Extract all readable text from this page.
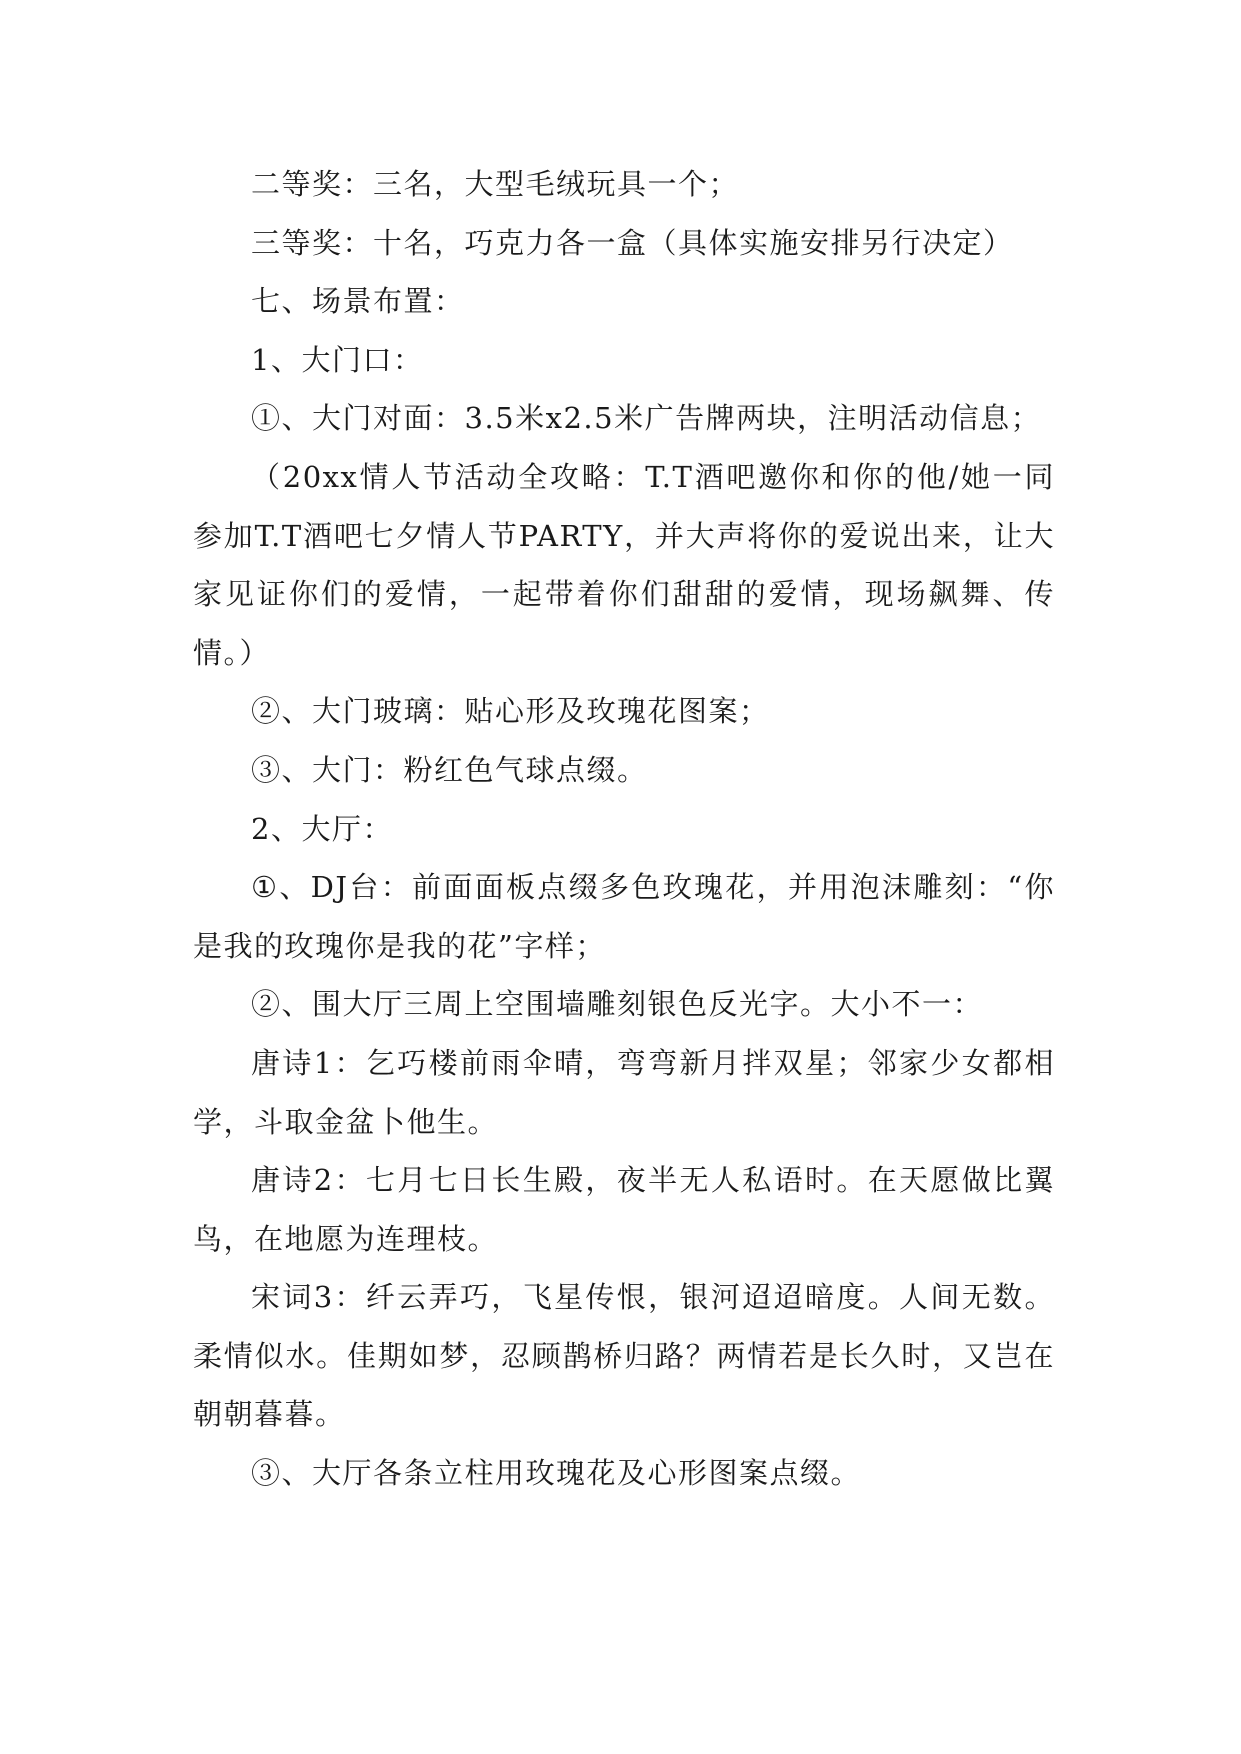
二等奖：三名，大型毛绒玩具一个；

三等奖：十名，巧克力各一盒（具体实施安排另行决定）

七、场景布置：

1、大门口：

①、大门对面：3.5米x2.5米广告牌两块，注明活动信息；

（20xx情人节活动全攻略：T.T酒吧邀你和你的他/她一同参加T.T酒吧七夕情人节PARTY，并大声将你的爱说出来，让大家见证你们的爱情，一起带着你们甜甜的爱情，现场飙舞、传情。）

②、大门玻璃：贴心形及玫瑰花图案；

③、大门：粉红色气球点缀。

2、大厅：

①、DJ台：前面面板点缀多色玫瑰花，并用泡沫雕刻：“你是我的玫瑰你是我的花”字样；

②、围大厅三周上空围墙雕刻银色反光字。大小不一：

唐诗1：乞巧楼前雨伞晴，弯弯新月拌双星；邻家少女都相学，斗取金盆卜他生。

唐诗2：七月七日长生殿，夜半无人私语时。在天愿做比翼鸟，在地愿为连理枝。

宋词3：纤云弄巧，飞星传恨，银河迢迢暗度。人间无数。柔情似水。佳期如梦，忍顾鹊桥归路？两情若是长久时，又岂在朝朝暮暮。

③、大厅各条立柱用玫瑰花及心形图案点缀。
